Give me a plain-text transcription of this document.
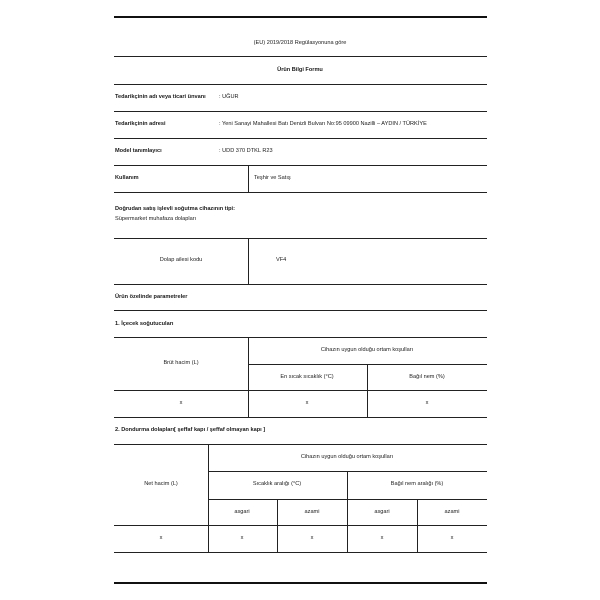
(EU) 2019/2018 Regülasyonuna göre
Ürün Bilgi Formu
Tedarikçinin adı veya ticari ünvanı : UĞUR
Tedarikçinin adresi	: Yeni Sanayi Mahallesi Batı Denizli Bulvarı No:95 09900 Nazilli – AYDIN / TÜRKİYE
Model tanımlayıcı	: UDD 370 DTKL R23
Kullanım	Teşhir ve Satış
Doğrudan satış işlevli soğutma cihazının tipi:
Süpermarket muhafaza dolapları
Dolap ailesi kodu	VF4
Ürün özelinde parametreler
1. İçecek soğutucuları
Brüt hacim (L)
Cihazın uygun olduğu ortam koşulları
En sıcak sıcaklık (°C)	Bağıl nem (%)
x	x	x
2. Dondurma dolapları[ şeffaf kapı / şeffaf olmayan kapı ]
Net hacim (L)
Cihazın uygun olduğu ortam koşulları
Sıcaklık aralığı (°C)	Bağıl nem aralığı (%)
asgari	azami	asgari	azami
x	x	x	x	x
